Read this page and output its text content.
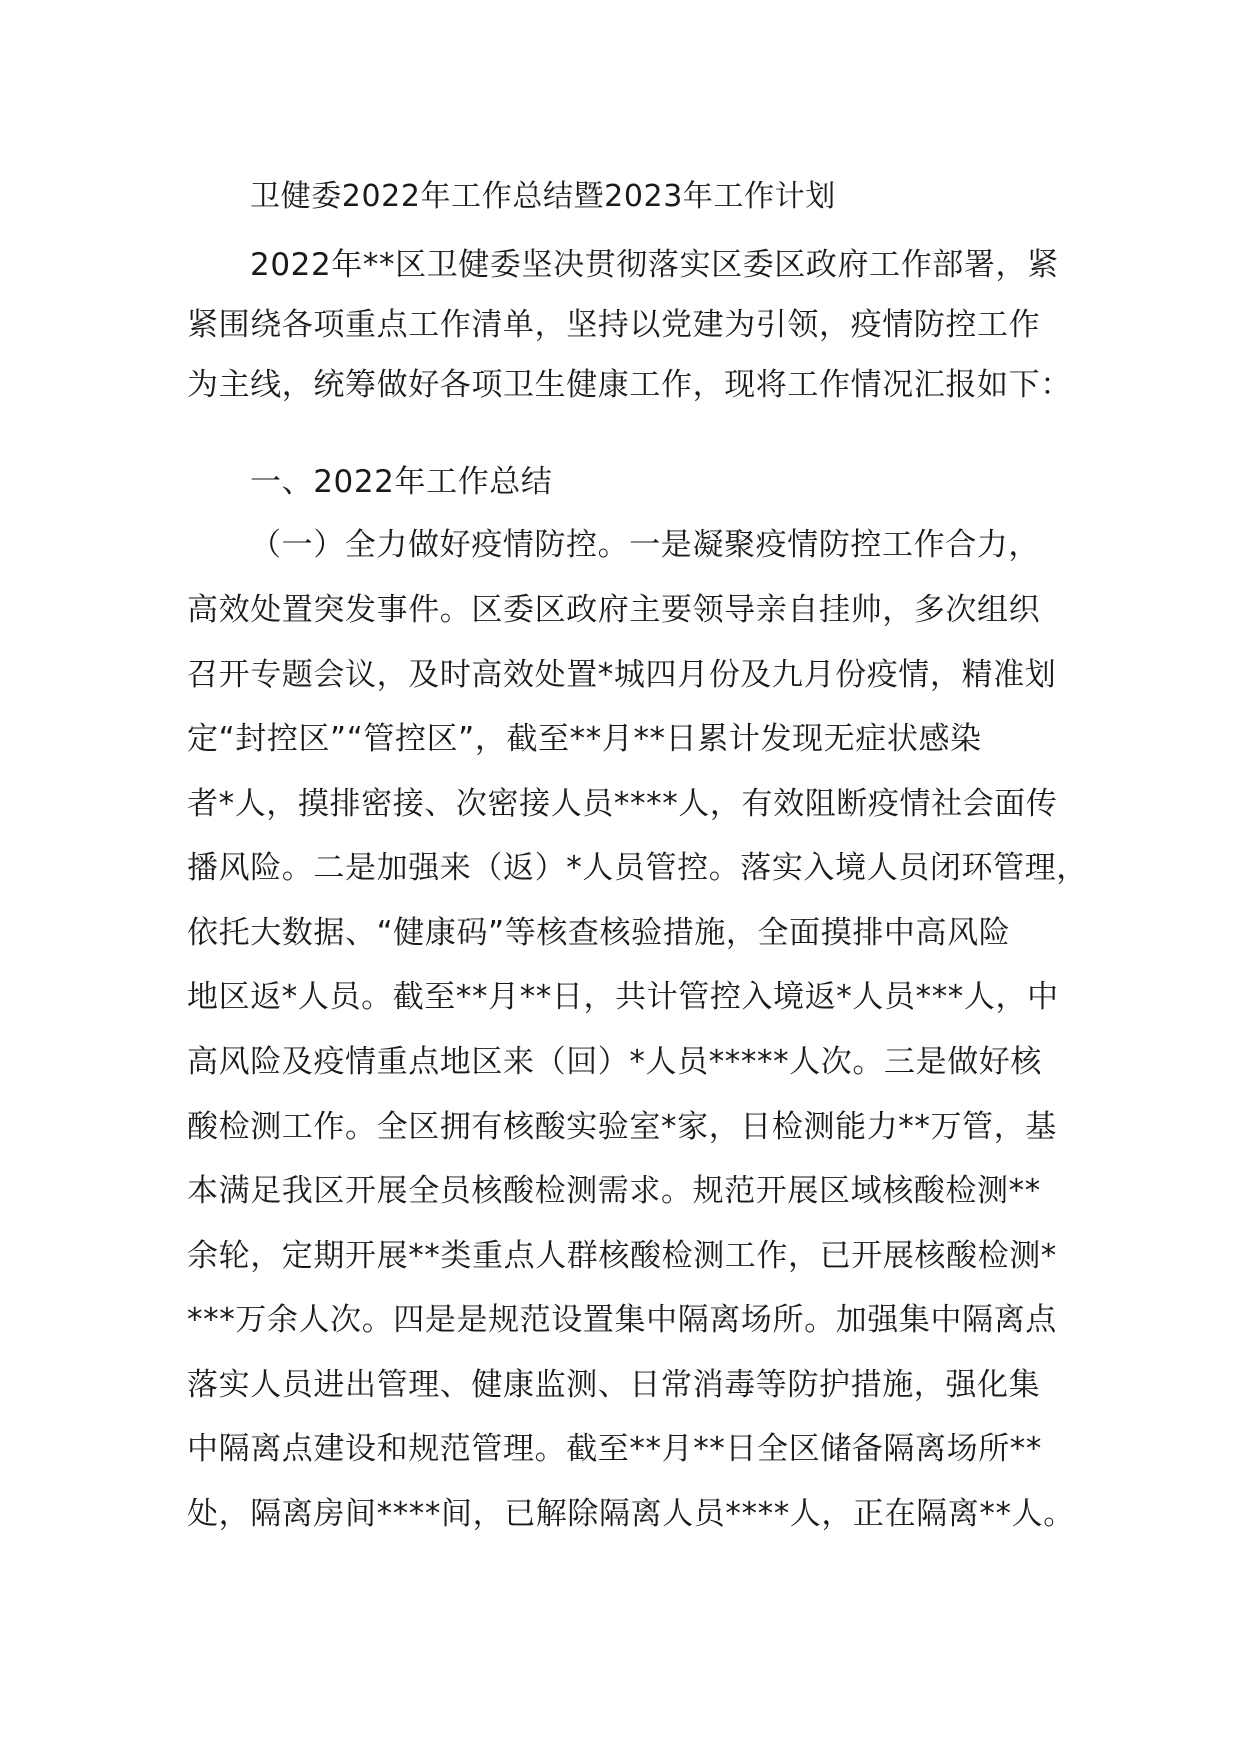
卫健委2022年工作总结暨2023年工作计划
2022年**区卫健委坚决贯彻落实区委区政府工作部署，紧
紧围绕各项重点工作清单，坚持以党建为引领，疫情防控工作
为主线，统筹做好各项卫生健康工作，现将工作情况汇报如下：
一、2022年工作总结
（一）全力做好疫情防控。一是凝聚疫情防控工作合力，
高效处置突发事件。区委区政府主要领导亲自挂帅，多次组织
召开专题会议，及时高效处置*城四月份及九月份疫情，精准划
定“封控区”“管控区”，截至**月**日累计发现无症状感染
者*人，摸排密接、次密接人员****人，有效阻断疫情社会面传
播风险。二是加强来（返）*人员管控。落实入境人员闭环管理，
依托大数据、“健康码”等核查核验措施，全面摸排中高风险
地区返*人员。截至**月**日，共计管控入境返*人员***人，中
高风险及疫情重点地区来（回）*人员*****人次。三是做好核
酸检测工作。全区拥有核酸实验室*家，日检测能力**万管，基
本满足我区开展全员核酸检测需求。规范开展区域核酸检测**
余轮，定期开展**类重点人群核酸检测工作，已开展核酸检测*
***万余人次。四是是规范设置集中隔离场所。加强集中隔离点
落实人员进出管理、健康监测、日常消毒等防护措施，强化集
中隔离点建设和规范管理。截至**月**日全区储备隔离场所**
处，隔离房间****间，已解除隔离人员****人，正在隔离**人。
